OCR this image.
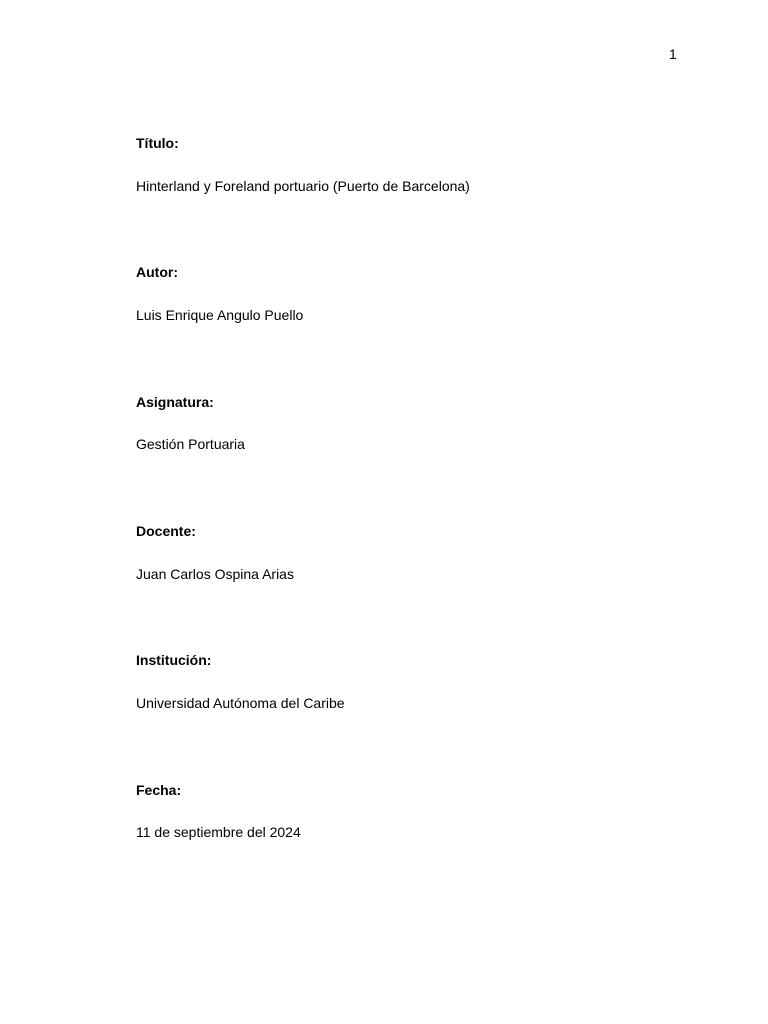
1
Título:
Hinterland y Foreland portuario (Puerto de Barcelona)
Autor:
Luis Enrique Angulo Puello
Asignatura:
Gestión Portuaria
Docente:
Juan Carlos Ospina Arias
Institución:
Universidad Autónoma del Caribe
Fecha:
11 de septiembre del 2024
